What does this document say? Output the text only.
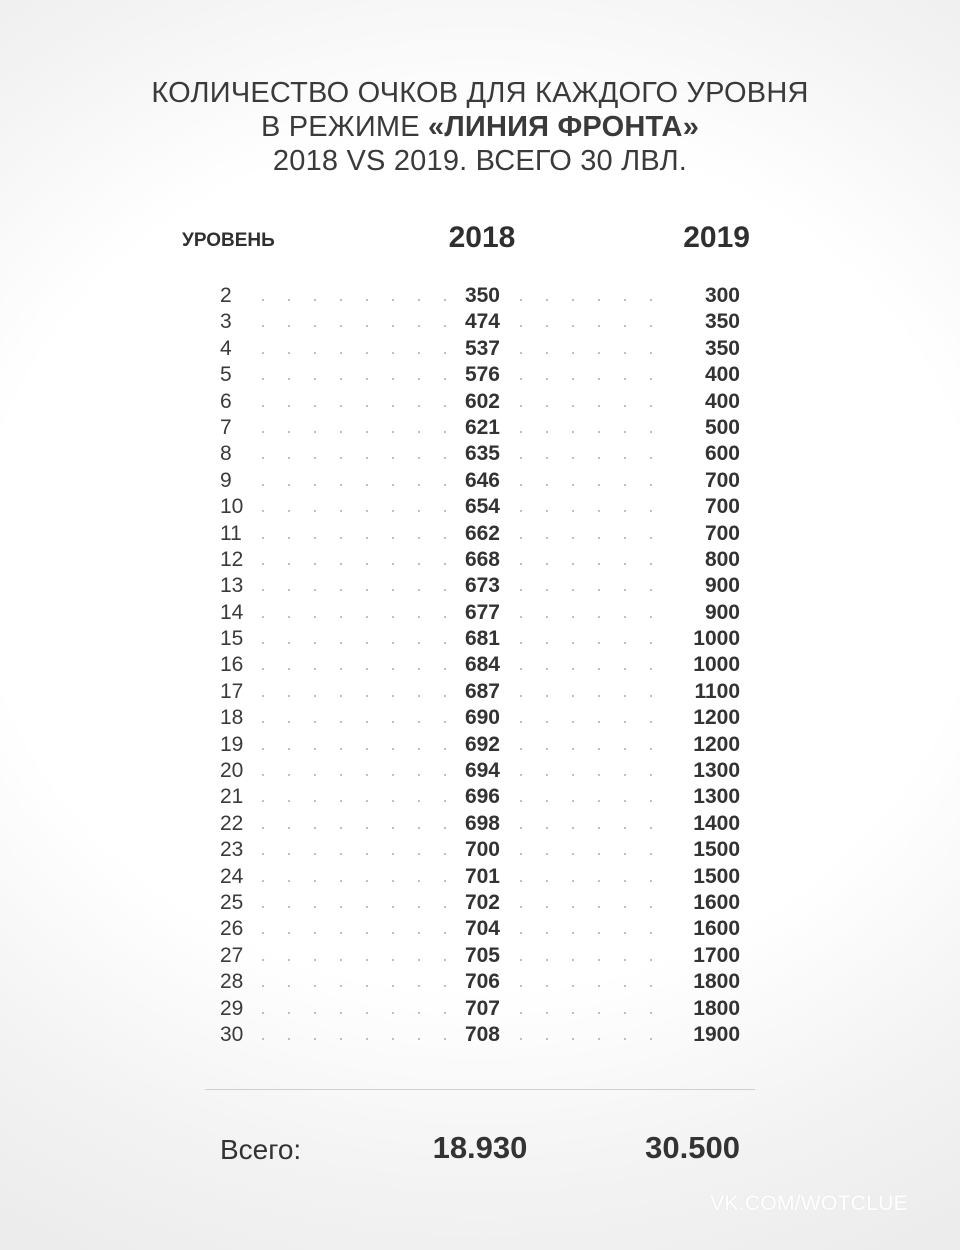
КОЛИЧЕСТВО ОЧКОВ ДЛЯ КАЖДОГО УРОВНЯ
В РЕЖИМЕ «ЛИНИЯ ФРОНТА»
2018 VS 2019. ВСЕГО 30 ЛВЛ.
УРОВЕНЬ	2018	2019
2	350	300
3	474	350
4	537	350
5	576	400
6	602	400
7	621	500
8	635	600
9	646	700
10	654	700
11	662	700
12	668	800
13	673	900
14	677	900
15	681	1000
16	684	1000
17	687	1100
18	690	1200
19	692	1200
20	694	1300
21	696	1300
22	698	1400
23	700	1500
24	701	1500
25	702	1600
26	704	1600
27	705	1700
28	706	1800
29	707	1800
30	708	1900
Всего:	18.930	30.500
VK.COM/WOTCLUE
